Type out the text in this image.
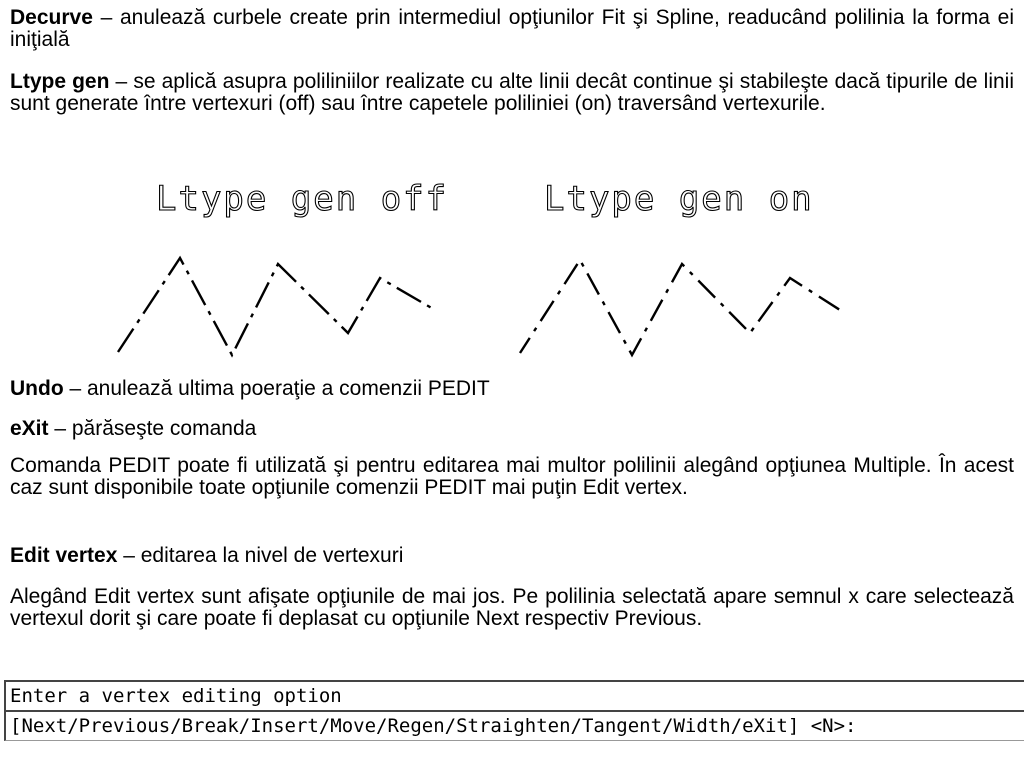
Decurve – anulează curbele create prin intermediul opţiunilor Fit şi Spline, readucând polilinia la forma ei iniţială

Ltype gen – se aplică asupra poliliniilor realizate cu alte linii decât continue şi stabileşte dacă tipurile de linii sunt generate între vertexuri (off) sau între capetele poliliniei (on) traversând vertexurile.

Ltype gen off	Ltype gen on

Undo – anulează ultima poeraţie a comenzii PEDIT

eXit – părăseşte comanda

Comanda PEDIT poate fi utilizată şi pentru editarea mai multor polilinii alegând opţiunea Multiple. În acest caz sunt disponibile toate opţiunile comenzii PEDIT mai puţin Edit vertex.

Edit vertex – editarea la nivel de vertexuri

Alegând Edit vertex sunt afişate opţiunile de mai jos. Pe polilinia selectată apare semnul x care selectează vertexul dorit şi care poate fi deplasat cu opţiunile Next respectiv Previous.

Enter a vertex editing option
[Next/Previous/Break/Insert/Move/Regen/Straighten/Tangent/Width/eXit] <N>:
